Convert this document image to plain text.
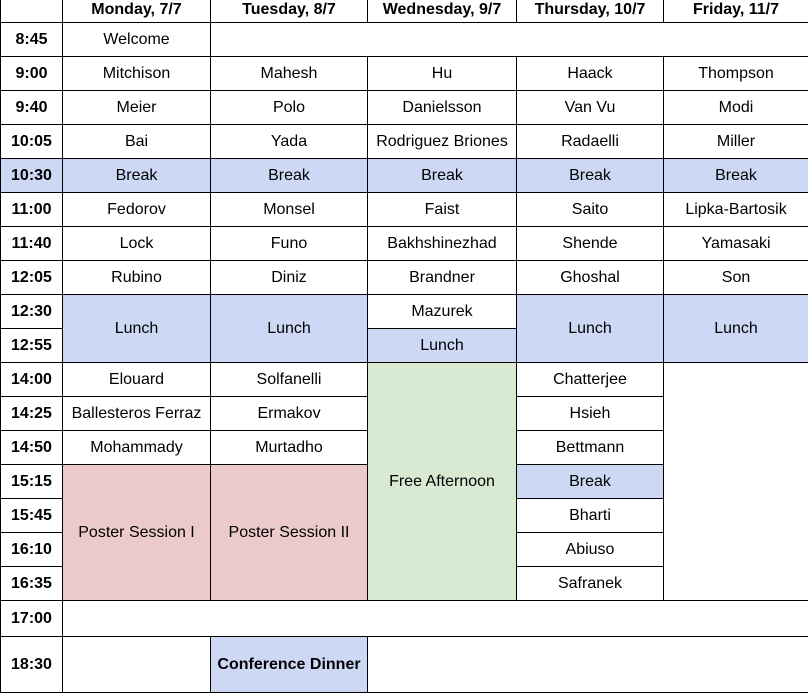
	Monday, 7/7	Tuesday, 8/7	Wednesday, 9/7	Thursday, 10/7	Friday, 11/7
8:45	Welcome				
9:00	Mitchison	Mahesh	Hu	Haack	Thompson
9:40	Meier	Polo	Danielsson	Van Vu	Modi
10:05	Bai	Yada	Rodriguez Briones	Radaelli	Miller
10:30	Break	Break	Break	Break	Break
11:00	Fedorov	Monsel	Faist	Saito	Lipka-Bartosik
11:40	Lock	Funo	Bakhshinezhad	Shende	Yamasaki
12:05	Rubino	Diniz	Brandner	Ghoshal	Son
12:30	Lunch	Lunch	Mazurek	Lunch	Lunch
12:55			Lunch		
14:00	Elouard	Solfanelli	Free Afternoon	Chatterjee	
14:25	Ballesteros Ferraz	Ermakov		Hsieh	
14:50	Mohammady	Murtadho		Bettmann	
15:15	Poster Session I	Poster Session II		Break	
15:45				Bharti	
16:10				Abiuso	
16:35				Safranek	
17:00					
18:30		Conference Dinner			
